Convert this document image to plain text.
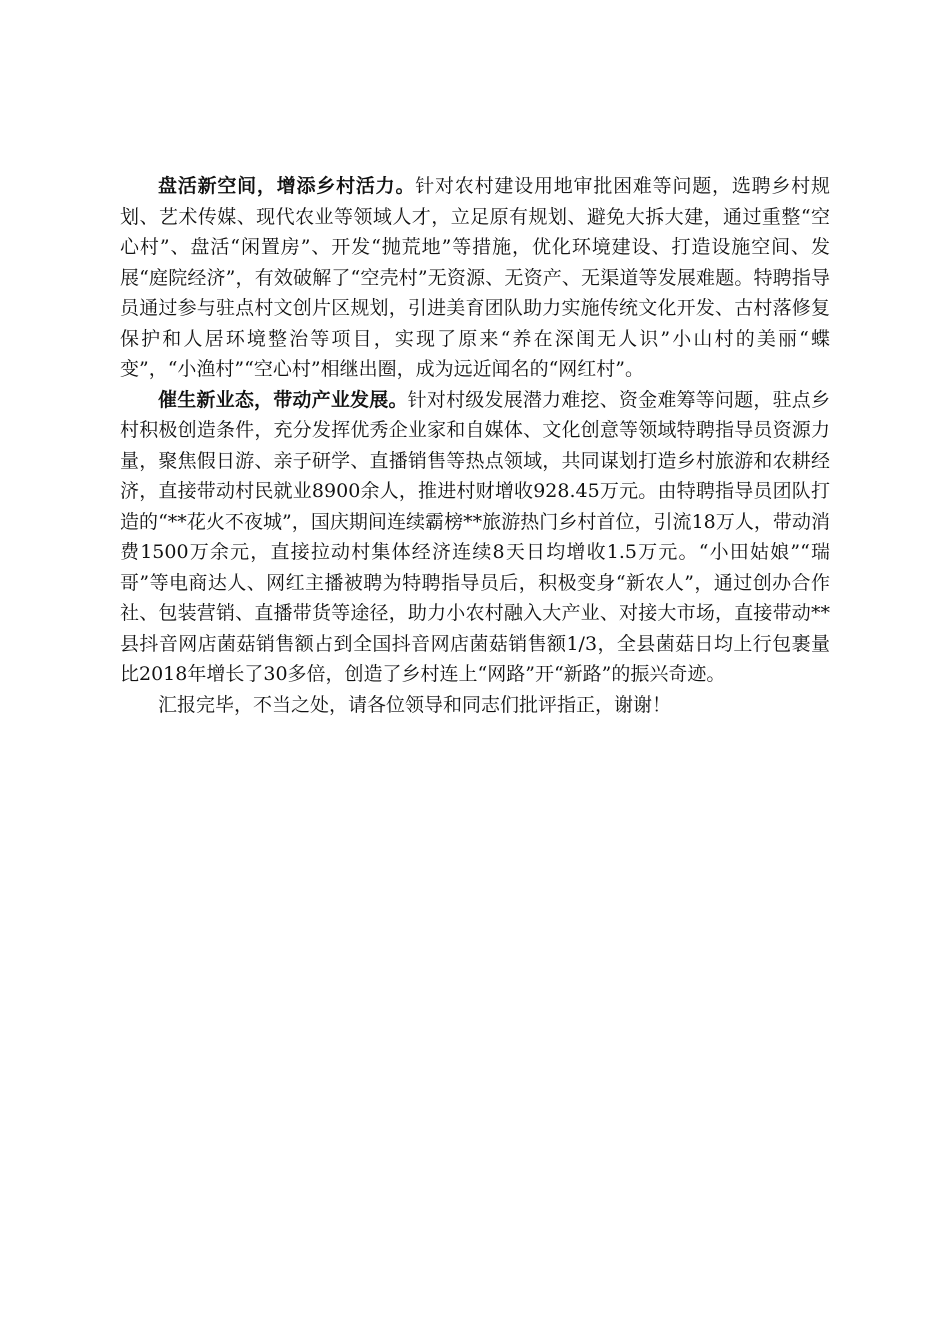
盘活新空间，增添乡村活力。针对农村建设用地审批困难等问题，选聘乡村规划、艺术传媒、现代农业等领域人才，立足原有规划、避免大拆大建，通过重整“空心村”、盘活“闲置房”、开发“抛荒地”等措施，优化环境建设、打造设施空间、发展“庭院经济”，有效破解了“空壳村”无资源、无资产、无渠道等发展难题。特聘指导员通过参与驻点村文创片区规划，引进美育团队助力实施传统文化开发、古村落修复保护和人居环境整治等项目，实现了原来“养在深闺无人识”小山村的美丽“蝶变”，“小渔村”“空心村”相继出圈，成为远近闻名的“网红村”。

催生新业态，带动产业发展。针对村级发展潜力难挖、资金难筹等问题，驻点乡村积极创造条件，充分发挥优秀企业家和自媒体、文化创意等领域特聘指导员资源力量，聚焦假日游、亲子研学、直播销售等热点领域，共同谋划打造乡村旅游和农耕经济，直接带动村民就业8900余人，推进村财增收928.45万元。由特聘指导员团队打造的“**花火不夜城”，国庆期间连续霸榜**旅游热门乡村首位，引流18万人，带动消费1500万余元，直接拉动村集体经济连续8天日均增收1.5万元。“小田姑娘”“瑞哥”等电商达人、网红主播被聘为特聘指导员后，积极变身“新农人”，通过创办合作社、包装营销、直播带货等途径，助力小农村融入大产业、对接大市场，直接带动**县抖音网店菌菇销售额占到全国抖音网店菌菇销售额1/3，全县菌菇日均上行包裹量比2018年增长了30多倍，创造了乡村连上“网路”开“新路”的振兴奇迹。

汇报完毕，不当之处，请各位领导和同志们批评指正，谢谢！
